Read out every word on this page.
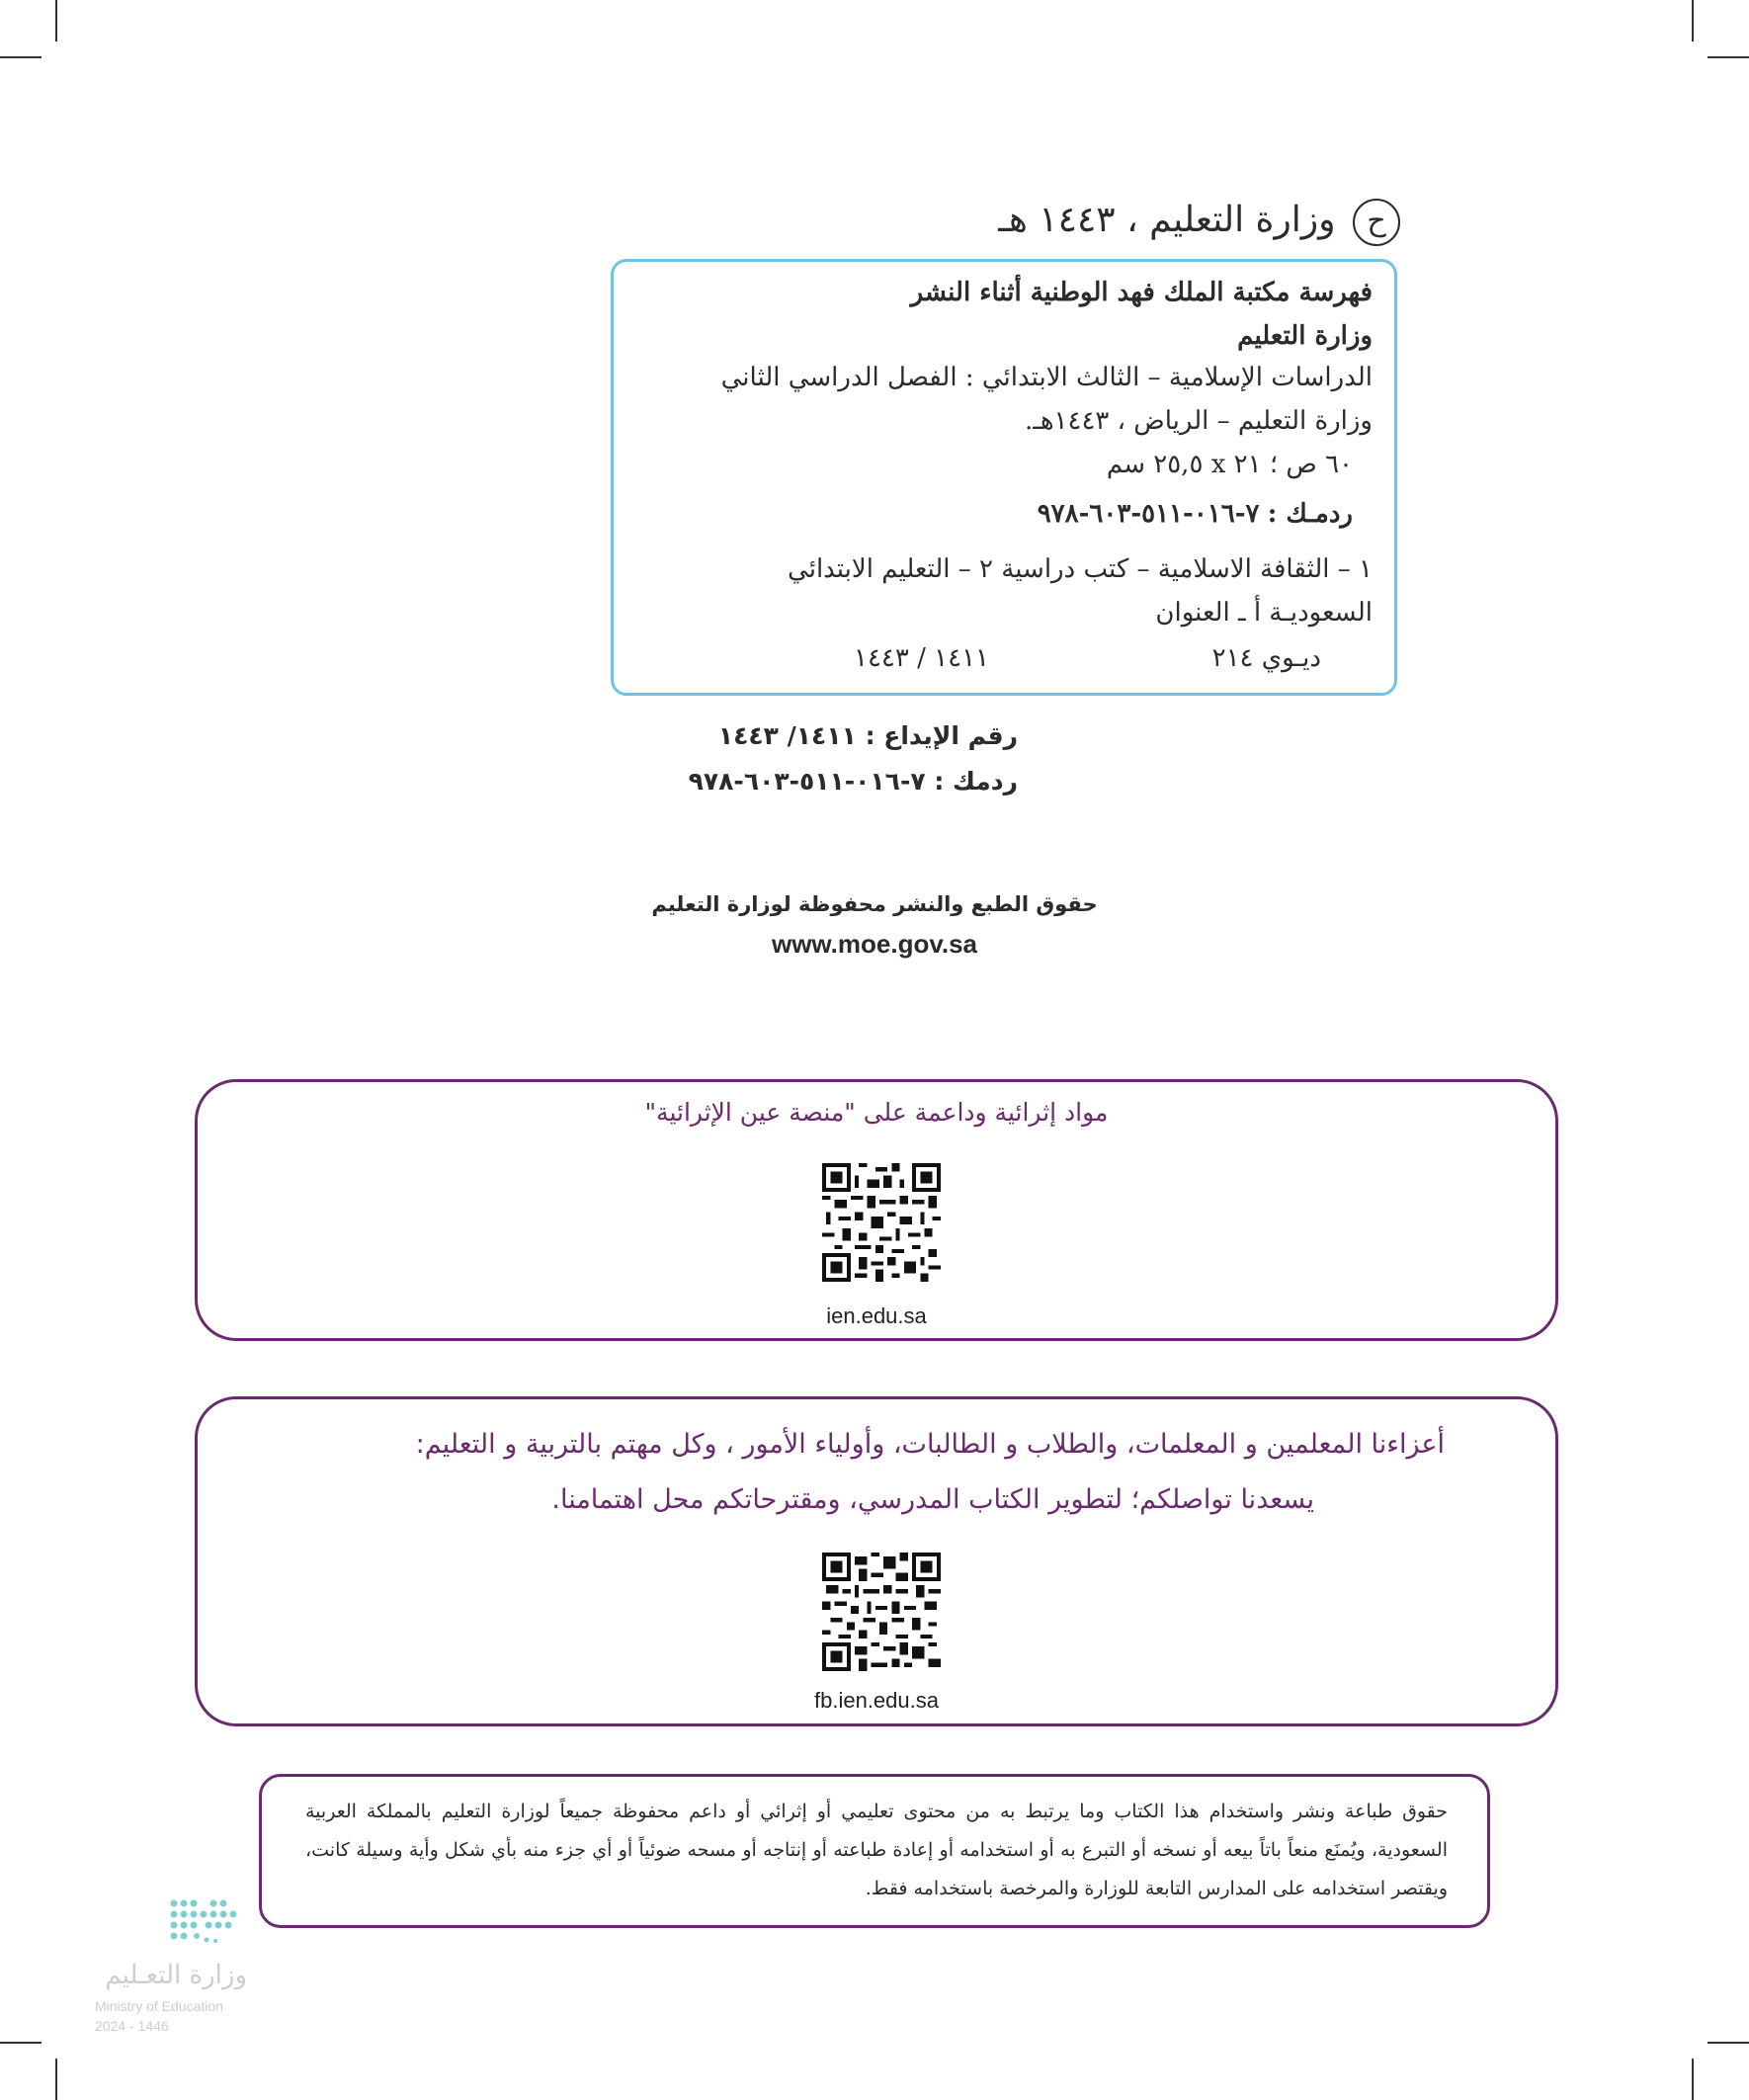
ح وزارة التعليم ، ١٤٤٣ هـ
فهرسة مكتبة الملك فهد الوطنية أثناء النشر
وزارة التعليم
الدراسات الإسلامية – الثالث الابتدائي : الفصل الدراسي الثاني
وزارة التعليم – الرياض ، ١٤٤٣هـ.
٦٠ ص ؛ ٢١ x ٢٥,٥ سم
ردمـك : ٧-٠١٦-٥١١-٦٠٣-٩٧٨
١ – الثقافة الاسلامية – كتب دراسية ٢ – التعليم الابتدائي
السعوديـة أ ـ العنوان
ديـوي ٢١٤
١٤١١ / ١٤٤٣
رقم الإيداع : ١٤١١/ ١٤٤٣
ردمك : ٧-٠١٦-٥١١-٦٠٣-٩٧٨
حقوق الطبع والنشر محفوظة لوزارة التعليم
www.moe.gov.sa
مواد إثرائية وداعمة على "منصة عين الإثرائية"
ien.edu.sa
أعزاءنا المعلمين و المعلمات، والطلاب و الطالبات، وأولياء الأمور ، وكل مهتم بالتربية و التعليم:
يسعدنا تواصلكم؛ لتطوير الكتاب المدرسي، ومقترحاتكم محل اهتمامنا.
fb.ien.edu.sa
حقوق طباعة ونشر واستخدام هذا الكتاب وما يرتبط به من محتوى تعليمي أو إثرائي أو داعم محفوظة جميعاً لوزارة التعليم بالمملكة العربية السعودية، ويُمنَع منعاً باتاً بيعه أو نسخه أو التبرع به أو استخدامه أو إعادة طباعته أو إنتاجه أو مسحه ضوئياً أو أي جزء منه بأي شكل وأية وسيلة كانت، ويقتصر استخدامه على المدارس التابعة للوزارة والمرخصة باستخدامه فقط.
وزارة التعـليم
Ministry of Education
2024 - 1446
